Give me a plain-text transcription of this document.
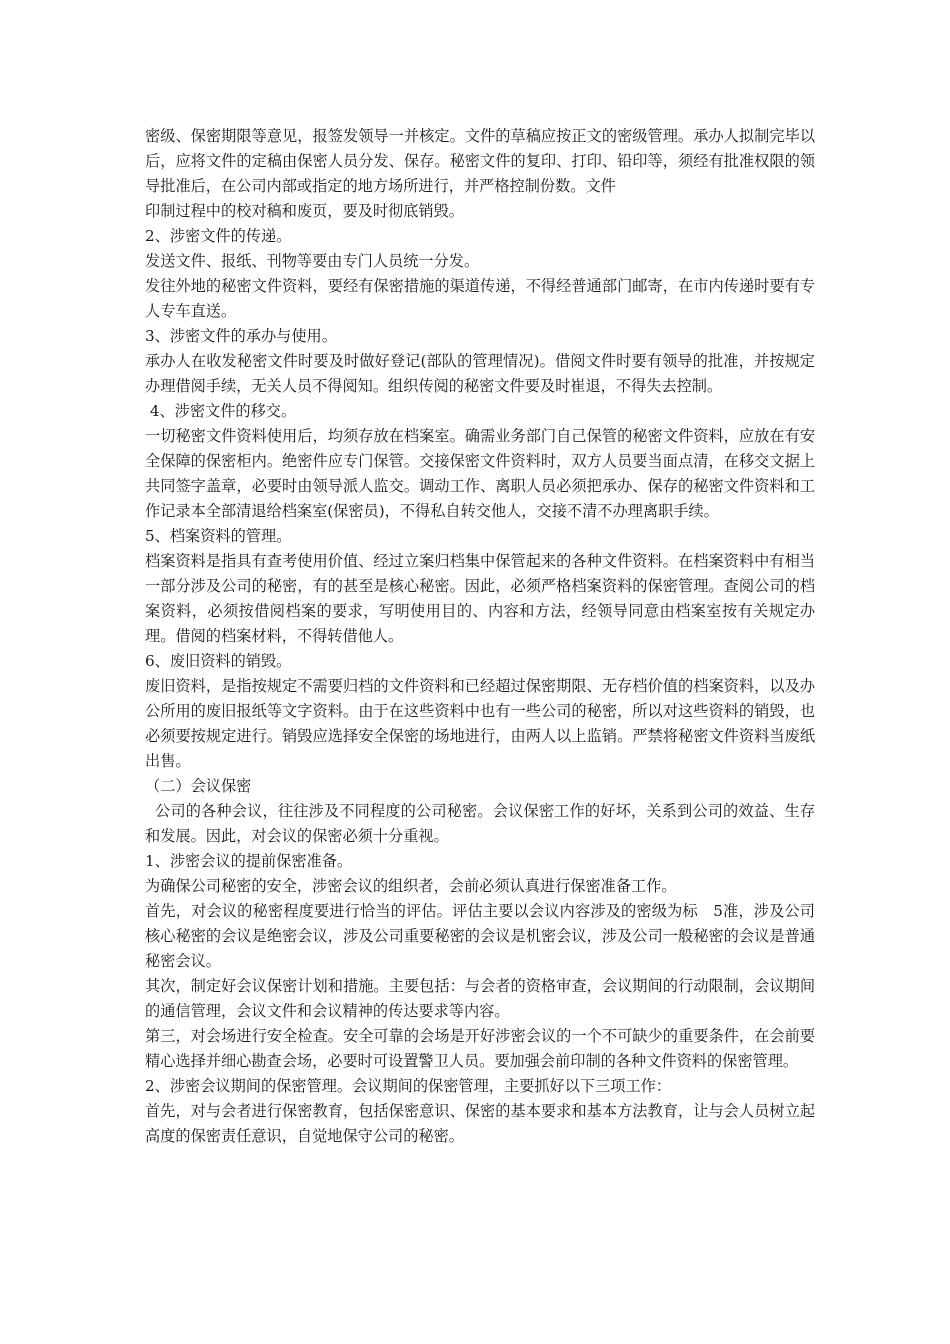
密级、保密期限等意见，报签发领导一并核定。文件的草稿应按正文的密级管理。承办人拟制完毕以后，应将文件的定稿由保密人员分发、保存。秘密文件的复印、打印、铅印等，须经有批准权限的领导批准后，在公司内部或指定的地方场所进行，并严格控制份数。文件

印制过程中的校对稿和废页，要及时彻底销毁。

2、涉密文件的传递。

发送文件、报纸、刊物等要由专门人员统一分发。

发往外地的秘密文件资料，要经有保密措施的渠道传递，不得经普通部门邮寄，在市内传递时要有专人专车直送。

3、涉密文件的承办与使用。

承办人在收发秘密文件时要及时做好登记(部队的管理情况)。借阅文件时要有领导的批准，并按规定办理借阅手续，无关人员不得阅知。组织传阅的秘密文件要及时崔退，不得失去控制。

4、涉密文件的移交。

一切秘密文件资料使用后，均须存放在档案室。确需业务部门自己保管的秘密文件资料，应放在有安全保障的保密柜内。绝密件应专门保管。交接保密文件资料时，双方人员要当面点清，在移交文据上共同签字盖章，必要时由领导派人监交。调动工作、离职人员必须把承办、保存的秘密文件资料和工作记录本全部清退给档案室(保密员)，不得私自转交他人，交接不清不办理离职手续。

5、档案资料的管理。

档案资料是指具有查考使用价值、经过立案归档集中保管起来的各种文件资料。在档案资料中有相当一部分涉及公司的秘密，有的甚至是核心秘密。因此，必须严格档案资料的保密管理。查阅公司的档案资料，必须按借阅档案的要求，写明使用目的、内容和方法，经领导同意由档案室按有关规定办理。借阅的档案材料，不得转借他人。

6、废旧资料的销毁。

废旧资料，是指按规定不需要归档的文件资料和已经超过保密期限、无存档价值的档案资料，以及办公所用的废旧报纸等文字资料。由于在这些资料中也有一些公司的秘密，所以对这些资料的销毁，也必须要按规定进行。销毁应选择安全保密的场地进行，由两人以上监销。严禁将秘密文件资料当废纸出售。

（二）会议保密

公司的各种会议，往往涉及不同程度的公司秘密。会议保密工作的好坏，关系到公司的效益、生存和发展。因此，对会议的保密必须十分重视。

1、涉密会议的提前保密准备。

为确保公司秘密的安全，涉密会议的组织者，会前必须认真进行保密准备工作。

首先，对会议的秘密程度要进行恰当的评估。评估主要以会议内容涉及的密级为标　5准，涉及公司核心秘密的会议是绝密会议，涉及公司重要秘密的会议是机密会议，涉及公司一般秘密的会议是普通秘密会议。

其次，制定好会议保密计划和措施。主要包括：与会者的资格审查，会议期间的行动限制，会议期间的通信管理，会议文件和会议精神的传达要求等内容。

第三，对会场进行安全检查。安全可靠的会场是开好涉密会议的一个不可缺少的重要条件，在会前要精心选择并细心勘查会场，必要时可设置警卫人员。要加强会前印制的各种文件资料的保密管理。

2、涉密会议期间的保密管理。会议期间的保密管理，主要抓好以下三项工作：

首先，对与会者进行保密教育，包括保密意识、保密的基本要求和基本方法教育，让与会人员树立起高度的保密责任意识，自觉地保守公司的秘密。
